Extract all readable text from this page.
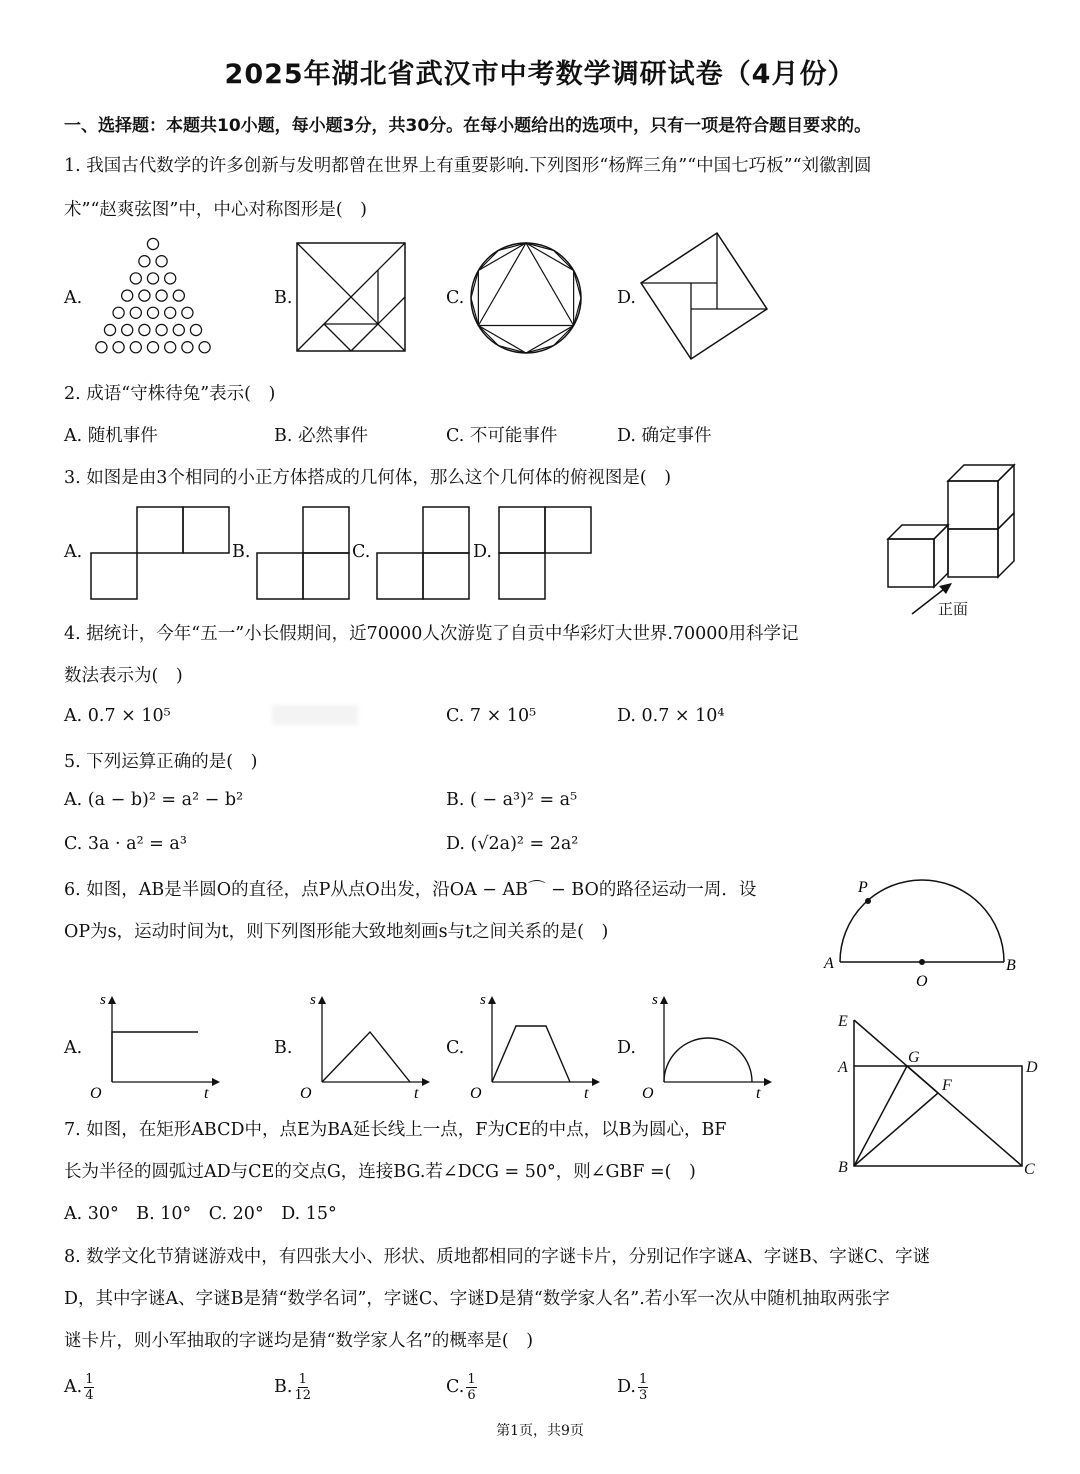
2025年湖北省武汉市中考数学调研试卷（4月份）
一、选择题：本题共10小题，每小题3分，共30分。在每小题给出的选项中，只有一项是符合题目要求的。
1. 我国古代数学的许多创新与发明都曾在世界上有重要影响.下列图形“杨辉三角”“中国七巧板”“刘徽割圆
术”“赵爽弦图”中，中心对称图形是(　)
A.	B.	C.	D.
2. 成语“守株待兔”表示(　)
A. 随机事件	B. 必然事件	C. 不可能事件	D. 确定事件
3. 如图是由3个相同的小正方体搭成的几何体，那么这个几何体的俯视图是(　)
A.	B.	C.	D.
正面
4. 据统计，今年“五一”小长假期间，近70000人次游览了自贡中华彩灯大世界.70000用科学记
数法表示为(　)
A. 0.7 × 10⁵	C. 7 × 10⁵	D. 0.7 × 10⁴
5. 下列运算正确的是(　)
A. (a − b)² = a² − b²	B. ( − a³)² = a⁵
C. 3a · a² = a³	D. (√2a)² = 2a²
6. 如图，AB是半圆O的直径，点P从点O出发，沿OA − AB⌒ − BO的路径运动一周．设
OP为s，运动时间为t，则下列图形能大致地刻画s与t之间关系的是(　)
P
A
O
B
A.	B.	C.	D.
s
O	t
s
O	t
s
O	t
s
O	t
E
A
G
D
F
B	C
7. 如图，在矩形ABCD中，点E为BA延长线上一点，F为CE的中点，以B为圆心，BF
长为半径的圆弧过AD与CE的交点G，连接BG.若∠DCG = 50°，则∠GBF =(　)
A. 30°　B. 10°　C. 20°　D. 15°
8. 数学文化节猜谜游戏中，有四张大小、形状、质地都相同的字谜卡片，分别记作字谜A、字谜B、字谜C、字谜
D，其中字谜A、字谜B是猜“数学名词”，字谜C、字谜D是猜“数学家人名”.若小军一次从中随机抽取两张字
谜卡片，则小军抽取的字谜均是猜“数学家人名”的概率是(　)
A. $\frac{1}{4}$	B. $\frac{1}{12}$	C. $\frac{1}{6}$	D. $\frac{1}{3}$
第1页，共9页
